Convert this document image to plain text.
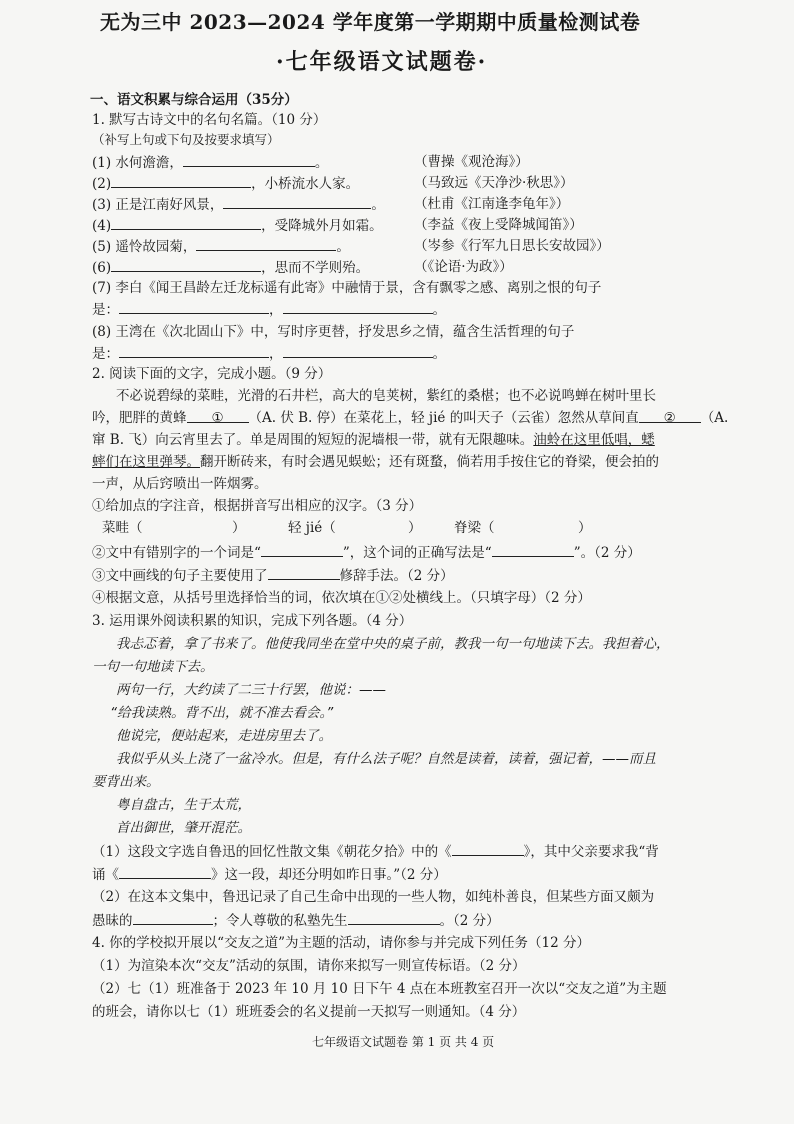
无为三中 2023—2024 学年度第一学期期中质量检测试卷
·七年级语文试题卷·
一、语文积累与综合运用（35分）
1. 默写古诗文中的名句名篇。（10 分）
（补写上句或下句及按要求填写）
(1) 水何澹澹，	。	（曹操《观沧海》）
(2)	，小桥流水人家。	（马致远《天净沙·秋思》）
(3) 正是江南好风景，	。 （杜甫《江南逢李龟年》）
(4)	，受降城外月如霜。 （李益《夜上受降城闻笛》）
(5) 遥怜故园菊，	。	（岑参《行军九日思长安故园》）
(6)	，思而不学则殆。	（《论语·为政》）
(7) 李白《闻王昌龄左迁龙标遥有此寄》中融情于景，含有飘零之感、离别之恨的句子
是：	，	。
(8) 王湾在《次北固山下》中，写时序更替，抒发思乡之情，蕴含生活哲理的句子
是：	，	。
2. 阅读下面的文字，完成小题。（9 分）
不必说碧绿的菜畦，光滑的石井栏，高大的皂荚树，紫红的桑椹；也不必说鸣蝉在树叶里长
吟，肥胖的黄蜂 ① （A. 伏 B. 停）在菜花上，轻 jié 的叫天子（云雀）忽然从草间直 ② （A.
窜 B. 飞）向云宵里去了。单是周围的短短的泥墙根一带，就有无限趣味。油蛉在这里低唱，蟋
蟀们在这里弹琴。翻开断砖来，有时会遇见蜈蚣；还有斑蝥，倘若用手按住它的脊梁，便会拍的
一声，从后窍喷出一阵烟雾。
①给加点的字注音，根据拼音写出相应的汉字。（3 分）
菜畦（	）	轻 jié（	） 脊梁（	）
②文中有错别字的一个词是“	”，这个词的正确写法是“	”。（2 分）
③文中画线的句子主要使用了	修辞手法。（2 分）
④根据文意，从括号里选择恰当的词，依次填在①②处横线上。（只填字母）（2 分）
3. 运用课外阅读积累的知识，完成下列各题。（4 分）
我忐忑着，拿了书来了。他使我同坐在堂中央的桌子前，教我一句一句地读下去。我担着心，
一句一句地读下去。
两句一行，大约读了二三十行罢，他说：——
“给我读熟。背不出，就不准去看会。”
他说完，便站起来，走进房里去了。
我似乎从头上浇了一盆冷水。但是，有什么法子呢？自然是读着，读着，强记着，——而且
要背出来。
粤自盘古，生于太荒，
首出御世，肇开混茫。
（1）这段文字选自鲁迅的回忆性散文集《朝花夕拾》中的《	》，其中父亲要求我“背
诵《	》这一段，却还分明如昨日事。”（2 分）
（2）在这本文集中，鲁迅记录了自己生命中出现的一些人物，如纯朴善良，但某些方面又颇为
愚昧的	；令人尊敬的私塾先生	。（2 分）
4. 你的学校拟开展以“交友之道”为主题的活动，请你参与并完成下列任务（12 分）
（1）为渲染本次“交友”活动的氛围，请你来拟写一则宣传标语。（2 分）
（2）七（1）班准备于 2023 年 10 月 10 日下午 4 点在本班教室召开一次以“交友之道”为主题
的班会，请你以七（1）班班委会的名义提前一天拟写一则通知。（4 分）
七年级语文试题卷 第 1 页 共 4 页
